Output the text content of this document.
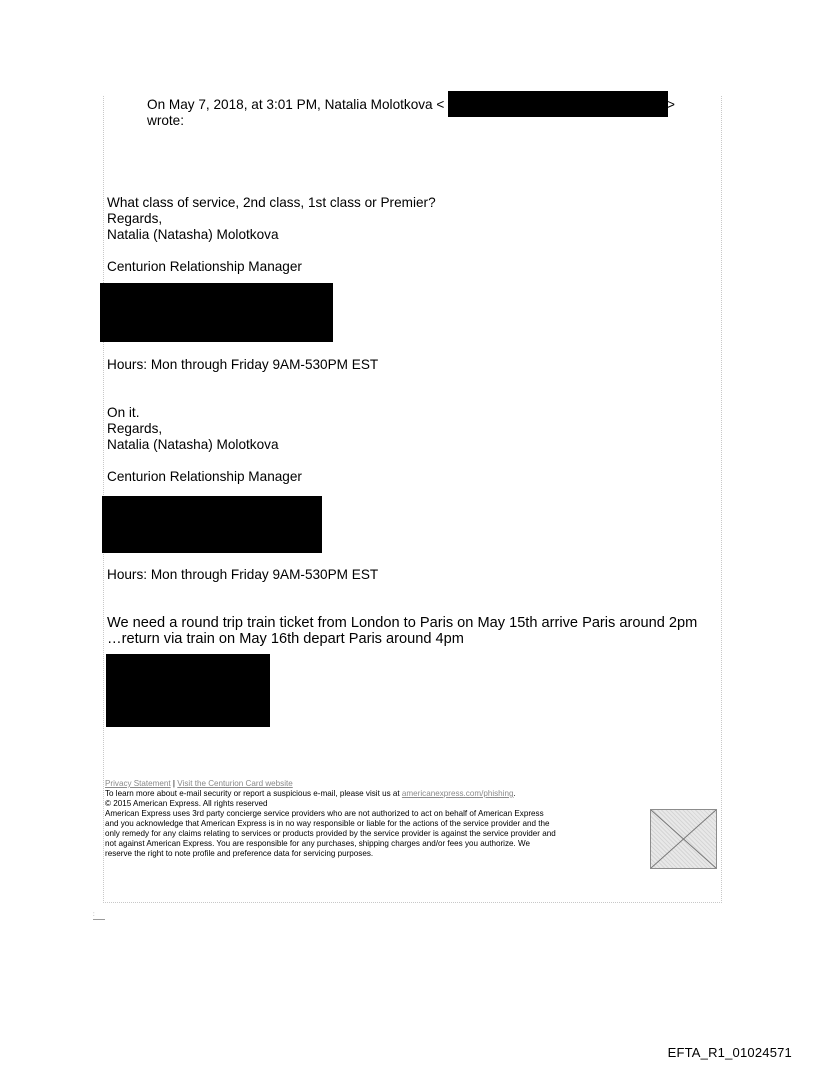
On May 7, 2018, at 3:01 PM, Natalia Molotkova <	>
wrote:
What class of service, 2nd class, 1st class or Premier?
Regards,
Natalia (Natasha) Molotkova
Centurion Relationship Manager
Hours: Mon through Friday 9AM-530PM EST
On it.
Regards,
Natalia (Natasha) Molotkova
Centurion Relationship Manager
Hours: Mon through Friday 9AM-530PM EST
We need a round trip train ticket from London to Paris on May 15th arrive Paris around 2pm
…return via train on May 16th depart Paris around 4pm
Privacy Statement | Visit the Centurion Card website
To learn more about e-mail security or report a suspicious e-mail, please visit us at americanexpress.com/phishing.
© 2015 American Express. All rights reserved
American Express uses 3rd party concierge service providers who are not authorized to act on behalf of American Express
and you acknowledge that American Express is in no way responsible or liable for the actions of the service provider and the
only remedy for any claims relating to services or products provided by the service provider is against the service provider and
not against American Express. You are responsible for any purchases, shipping charges and/or fees you authorize. We
reserve the right to note profile and preference data for servicing purposes.
:
EFTA_R1_01024571
